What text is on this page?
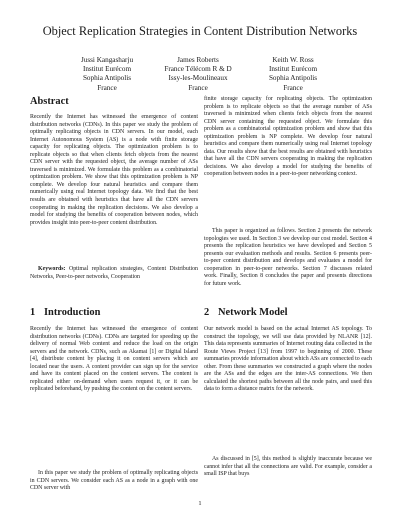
Object Replication Strategies in Content Distribution Networks
Jussi Kangasharju
Institut Eurécom
Sophia Antipolis
France
James Roberts
France Télécom R & D
Issy-les-Moulineaux
France
Keith W. Ross
Institut Eurécom
Sophia Antipolis
France
Abstract
Recently the Internet has witnessed the emergence of content distribution networks (CDNs). In this paper we study the problem of optimally replicating objects in CDN servers. In our model, each Internet Autonomous System (AS) is a node with finite storage capacity for replicating objects. The optimization problem is to replicate objects so that when clients fetch objects from the nearest CDN server with the requested object, the average number of ASs traversed is minimized. We formulate this problem as a combinatorial optimization problem. We show that this optimization problem is NP complete. We develop four natural heuristics and compare them numerically using real Internet topology data. We find that the best results are obtained with heuristics that have all the CDN servers cooperating in making the replication decisions. We also develop a model for studying the benefits of cooperation between nodes, which provides insight into peer-to-peer content distribution.
Keywords: Optimal replication strategies, Content Distribution Networks, Peer-to-peer networks, Cooperation
1 Introduction
Recently the Internet has witnessed the emergence of content distribution networks (CDNs). CDNs are targeted for speeding up the delivery of normal Web content and reduce the load on the origin servers and the network. CDNs, such as Akamai [1] or Digital Island [4], distribute content by placing it on content servers which are located near the users. A content provider can sign up for the service and have its content placed on the content servers. The content is replicated either on-demand when users request it, or it can be replicated beforehand, by pushing the content on the content servers.
In this paper we study the problem of optimally replicating objects in CDN servers. We consider each AS as a node in a graph with one CDN server with
finite storage capacity for replicating objects. The optimization problem is to replicate objects so that the average number of ASs traversed is minimized when clients fetch objects from the nearest CDN server containing the requested object. We formulate this problem as a combinatorial optimization problem and show that this optimization problem is NP complete. We develop four natural heuristics and compare them numerically using real Internet topology data. Our results show that the best results are obtained with heuristics that have all the CDN servers cooperating in making the replication decisions. We also develop a model for studying the benefits of cooperation between nodes in a peer-to-peer networking context.
This paper is organized as follows. Section 2 presents the network topologies we used. In Section 3 we develop our cost model. Section 4 presents the replication heuristics we have developed and Section 5 presents our evaluation methods and results. Section 6 presents peer-to-peer content distribution and develops and evaluates a model for cooperation in peer-to-peer networks. Section 7 discusses related work. Finally, Section 8 concludes the paper and presents directions for future work.
2 Network Model
Our network model is based on the actual Internet AS topology. To construct the topology, we will use data provided by NLANR [12]. This data represents summaries of Internet routing data collected in the Route Views Project [13] from 1997 to beginning of 2000. These summaries provide information about which ASs are connected to each other. From these summaries we constructed a graph where the nodes are the ASs and the edges are the inter-AS connections. We then calculated the shortest paths between all the node pairs, and used this data to form a distance matrix for the network.
As discussed in [5], this method is slightly inaccurate because we cannot infer that all the connections are valid. For example, consider a small ISP that buys
1
